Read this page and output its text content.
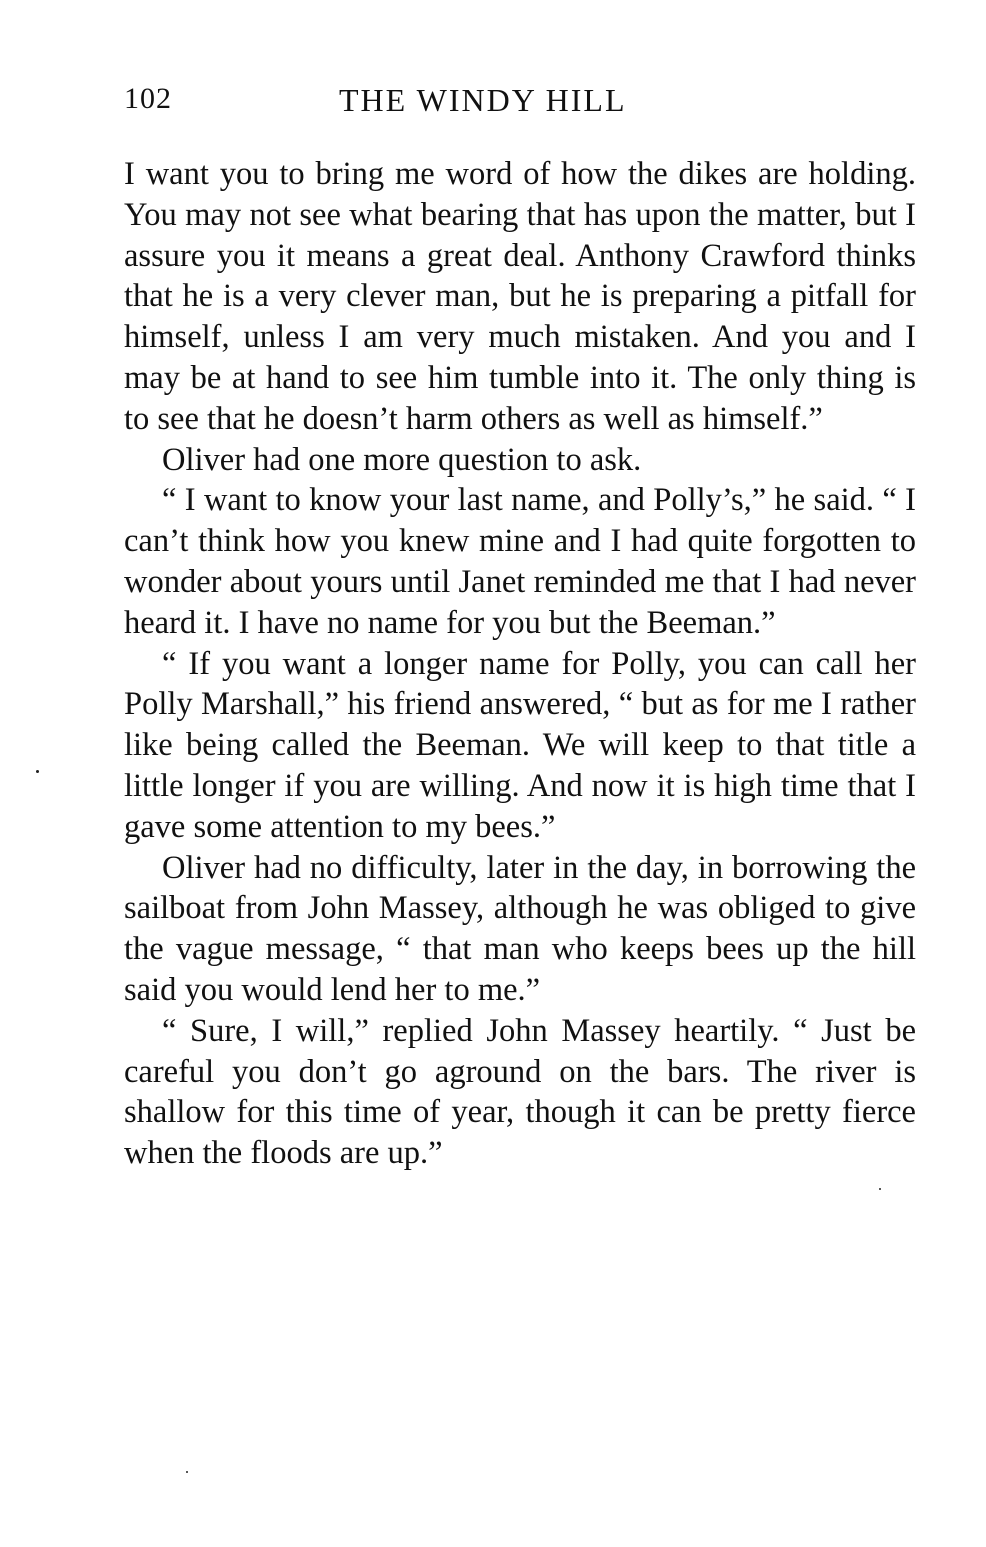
102	THE WINDY HILL

I want you to bring me word of how the dikes are holding. You may not see what bearing that has upon the matter, but I assure you it means a great deal. Anthony Crawford thinks that he is a very clever man, but he is preparing a pitfall for himself, unless I am very much mistaken. And you and I may be at hand to see him tumble into it. The only thing is to see that he doesn’t harm others as well as himself.”

Oliver had one more question to ask.

“ I want to know your last name, and Polly’s,” he said. “ I can’t think how you knew mine and I had quite forgotten to wonder about yours until Janet reminded me that I had never heard it. I have no name for you but the Beeman.”

“ If you want a longer name for Polly, you can call her Polly Marshall,” his friend answered, “ but as for me I rather like being called the Beeman. We will keep to that title a little longer if you are willing. And now it is high time that I gave some attention to my bees.”

Oliver had no difficulty, later in the day, in borrowing the sailboat from John Massey, although he was obliged to give the vague message, “ that man who keeps bees up the hill said you would lend her to me.”

“ Sure, I will,” replied John Massey heartily. “ Just be careful you don’t go aground on the bars. The river is shallow for this time of year, though it can be pretty fierce when the floods are up.”
